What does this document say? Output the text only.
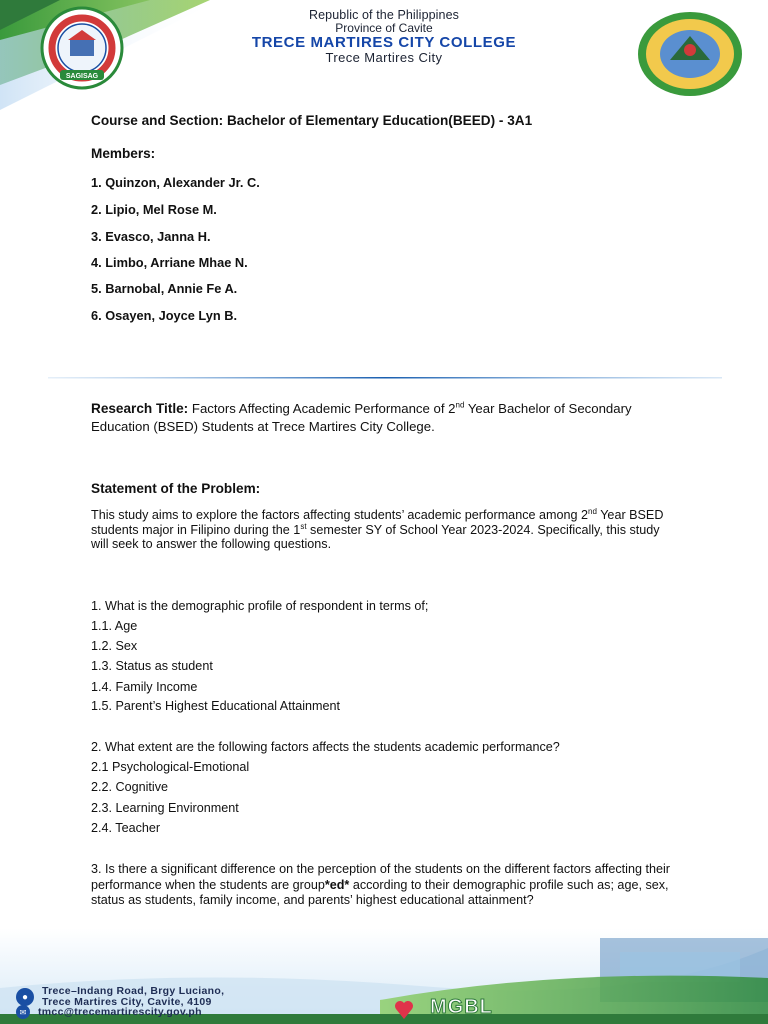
SAGISAG
Republic of the Philippines
Province of Cavite
TRECE MARTIRES CITY COLLEGE
Trece Martires City
Course and Section: Bachelor of Elementary Education(BEED) - 3A1
Members:
1. Quinzon, Alexander Jr. C.
2. Lipio, Mel Rose M.
3. Evasco, Janna H.
4. Limbo, Arriane Mhae N.
5. Barnobal, Annie Fe A.
6. Osayen, Joyce Lyn B.
Research Title: Factors Affecting Academic Performance of 2nd Year Bachelor of Secondary Education (BSED) Students at Trece Martires City College.
Statement of the Problem:
This study aims to explore the factors affecting students’ academic performance among 2nd Year BSED students major in Filipino during the 1st semester SY of School Year 2023-2024. Specifically, this study will seek to answer the following questions.
1. What is the demographic profile of respondent in terms of;
1.1. Age
1.2. Sex
1.3. Status as student
1.4. Family Income
1.5. Parent’s Highest Educational Attainment
2. What extent are the following factors affects the students academic performance?
2.1 Psychological-Emotional
2.2. Cognitive
2.3. Learning Environment
2.4. Teacher
3. Is there a significant difference on the perception of the students on the different factors affecting their performance when the students are group*ed* according to their demographic profile such as; age, sex, status as students, family income, and parents’ highest educational attainment?
●	Trece–Indang Road, Brgy Luciano,
Trece Martires City, Cavite, 4109
✉	tmcc@trecemartirescity.gov.ph	MGBL
